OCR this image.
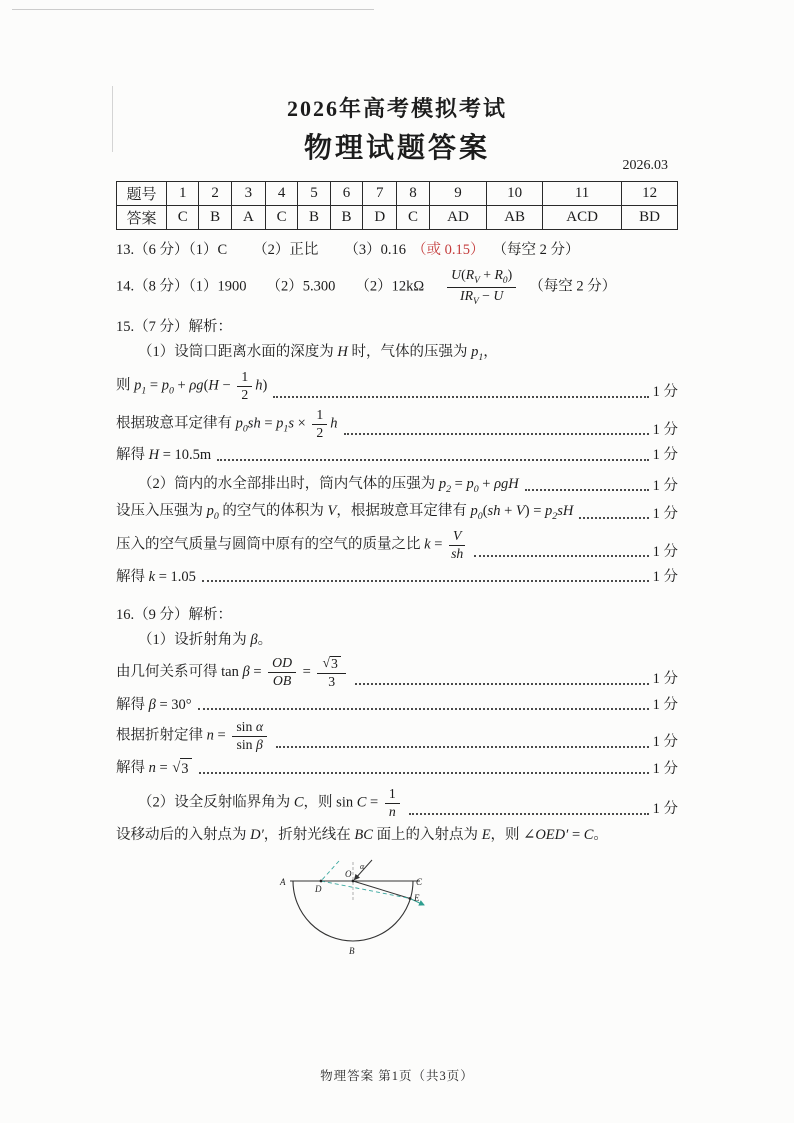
2026年高考模拟考试
物理试题答案
2026.03
题号	1	2	3	4	5	6	7	8	9	10	11	12
答案	C	B	A	C	B	B	D	C	AD	AB	ACD	BD
13.（6 分）（1）C （2）正比 （3）0.16 （或 0.15） （每空 2 分）
14.（8 分）（1）1900 （2）5.300 $(2)12k\Omega \frac{U(R_V + R_0)}{IR_V - U}$ （每空 2 分）
15.（7 分）解析：
（1）设筒口距离水面的深度为 H 时，气体的压强为 $p_1$，
则 $p_1 = p_0 + \rho g(H - \frac{1}{2} h)$	1 分
根据玻意耳定律有 $p_0sh = p_1s \times \frac{1}{2}$ h	1 分
解得 H = 10.5m	1 分
（2）筒内的水全部排出时，筒内气体的压强为 $p_2 = p_0 + \rho gH$	1 分
设压入压强为 $p_0$ 的空气的体积为 V，根据玻意耳定律有 $p_0(sh + V) = p_2sH$	1 分
压入的空气质量与圆筒中原有的空气的质量之比 $k = \frac{V}{sh}$	1 分
解得 k = 1.05	1 分
16.（9 分）解析：
（1）设折射角为 β。
由几何关系可得 $\tan \beta = \frac{OD}{OB} = \frac{√ 3}{3}$	1 分
解得 β = 30°	1 分
根据折射定律 $n = \frac{\text{sin α}}{\text{sin β}}$	1 分
解得 n = √ 3	1 分
（2）设全反射临界角为 C，则 $\sin C = \frac{1}{n}$	1 分
设移动后的入射点为 D′，折射光线在 BC 面上的入射点为 E，则 ∠OED′ = C。
A
D
O
C
E
B
α
物理答案 第1页（共3页）
